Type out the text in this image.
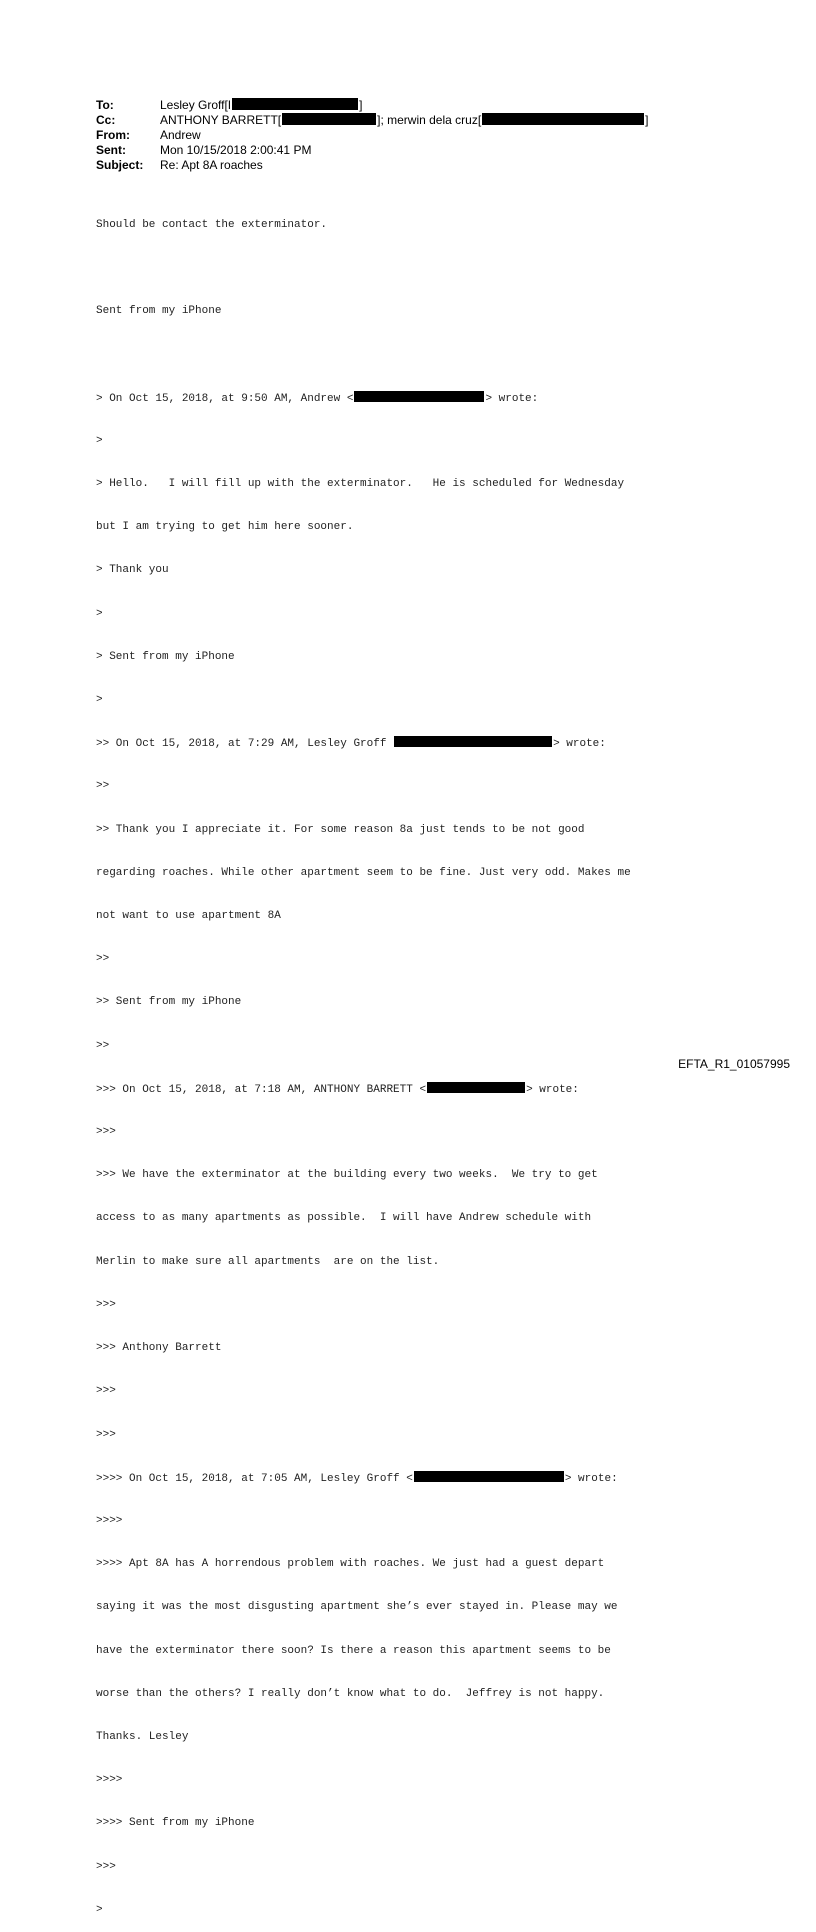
To:	Lesley Groff[I	]
Cc:	ANTHONY BARRETT[	]; merwin dela cruz[	]
From:	Andrew
Sent:	Mon 10/15/2018 2:00:41 PM
Subject: Re: Apt 8A roaches

Should be contact the exterminator.

Sent from my iPhone

> On Oct 15, 2018, at 9:50 AM, Andrew <	> wrote:

>

> Hello.   I will fill up with the exterminator.   He is scheduled for Wednesday

but I am trying to get him here sooner.

> Thank you

>

> Sent from my iPhone

>

>> On Oct 15, 2018, at 7:29 AM, Lesley Groff	> wrote:

>>

>> Thank you I appreciate it. For some reason 8a just tends to be not good

regarding roaches. While other apartment seem to be fine. Just very odd. Makes me

not want to use apartment 8A

>>

>> Sent from my iPhone

>>

>>> On Oct 15, 2018, at 7:18 AM, ANTHONY BARRETT <	> wrote:

>>>

>>> We have the exterminator at the building every two weeks.  We try to get

access to as many apartments as possible.  I will have Andrew schedule with

Merlin to make sure all apartments  are on the list.

>>>

>>> Anthony Barrett

>>>

>>>

>>>> On Oct 15, 2018, at 7:05 AM, Lesley Groff <	> wrote:

>>>>

>>>> Apt 8A has A horrendous problem with roaches. We just had a guest depart

saying it was the most disgusting apartment she’s ever stayed in. Please may we

have the exterminator there soon? Is there a reason this apartment seems to be

worse than the others? I really don’t know what to do.  Jeffrey is not happy.

Thanks. Lesley

>>>>

>>>> Sent from my iPhone

>>>

>

EFTA_R1_01057995
